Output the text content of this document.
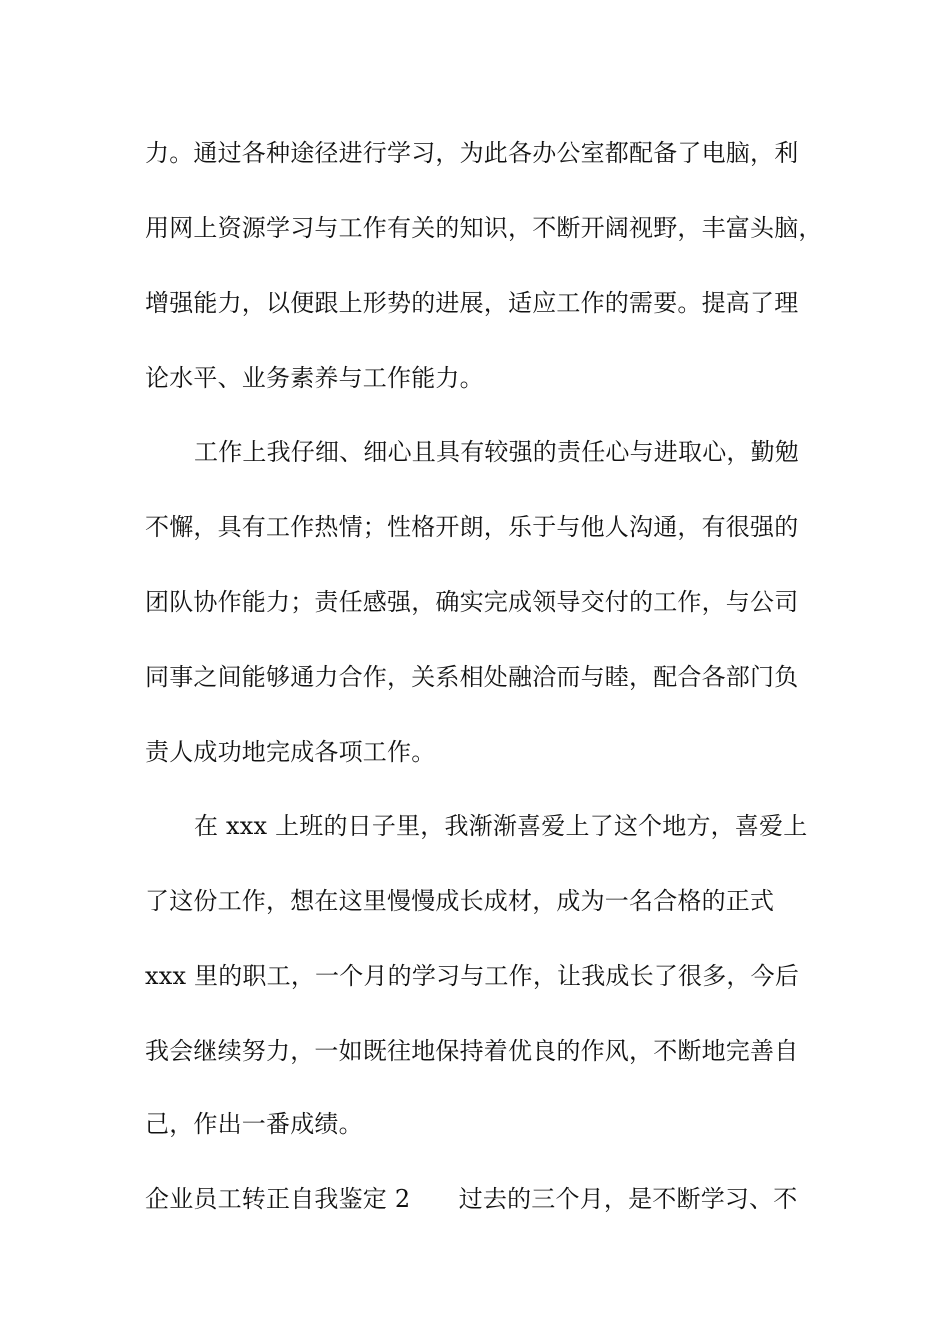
力。通过各种途径进行学习，为此各办公室都配备了电脑，利
用网上资源学习与工作有关的知识，不断开阔视野，丰富头脑，
增强能力，以便跟上形势的进展，适应工作的需要。提高了理
论水平、业务素养与工作能力。
工作上我仔细、细心且具有较强的责任心与进取心，勤勉
不懈，具有工作热情；性格开朗，乐于与他人沟通，有很强的
团队协作能力；责任感强，确实完成领导交付的工作，与公司
同事之间能够通力合作，关系相处融洽而与睦，配合各部门负
责人成功地完成各项工作。
在 xxx 上班的日子里，我渐渐喜爱上了这个地方，喜爱上
了这份工作，想在这里慢慢成长成材，成为一名合格的正式
xxx 里的职工，一个月的学习与工作，让我成长了很多，今后
我会继续努力，一如既往地保持着优良的作风，不断地完善自
己，作出一番成绩。
企业员工转正自我鉴定 2　　过去的三个月，是不断学习、不
